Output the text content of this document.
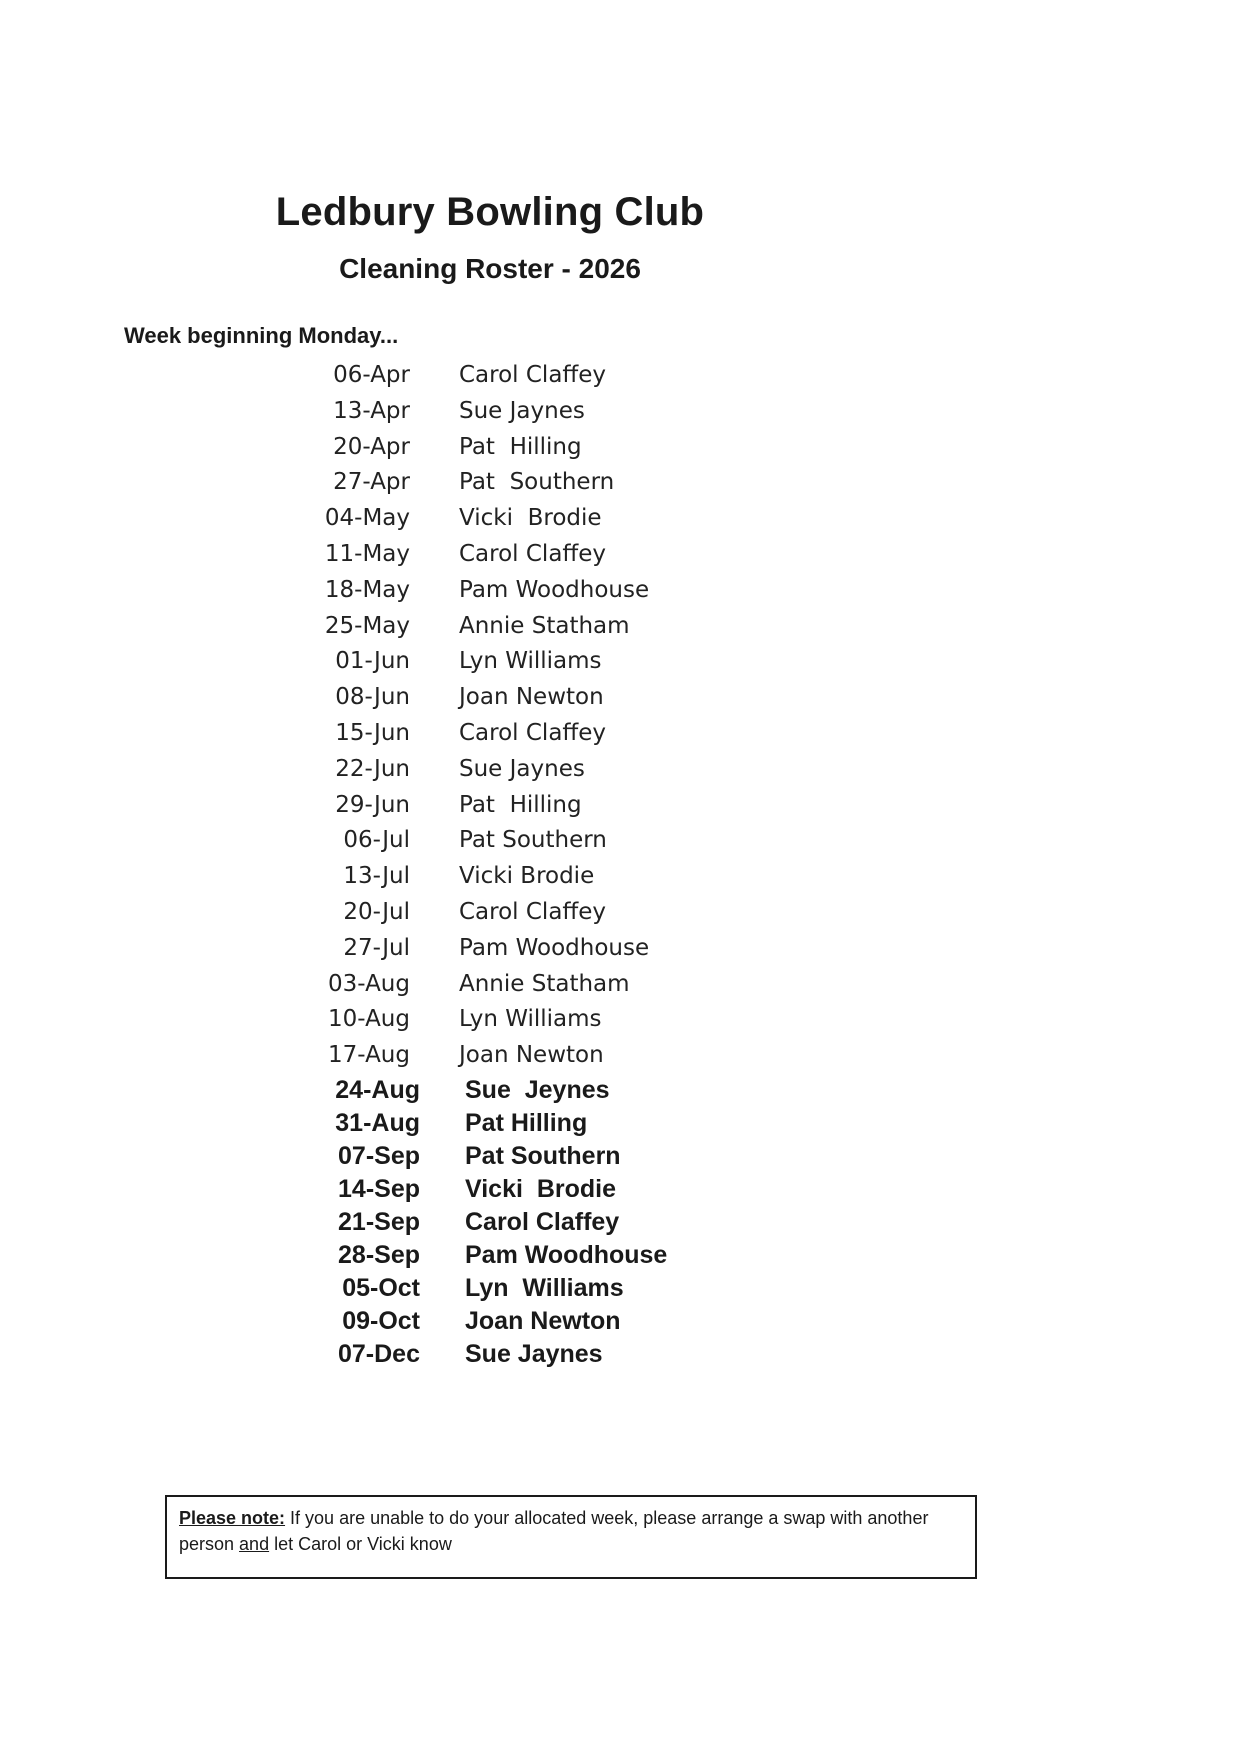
Ledbury Bowling Club
Cleaning Roster - 2026

Week beginning Monday...

06-Apr Carol Claffey
13-Apr Sue Jaynes
20-Apr Pat  Hilling
27-Apr Pat  Southern
04-May Vicki  Brodie
11-May Carol Claffey
18-May Pam Woodhouse
25-May Annie Statham
01-Jun Lyn Williams
08-Jun Joan Newton
15-Jun Carol Claffey
22-Jun Sue Jaynes
29-Jun Pat  Hilling
06-Jul Pat Southern
13-Jul Vicki Brodie
20-Jul Carol Claffey
27-Jul Pam Woodhouse
03-Aug Annie Statham
10-Aug Lyn Williams
17-Aug Joan Newton
24-Aug Sue  Jeynes
31-Aug Pat Hilling
07-Sep Pat Southern
14-Sep Vicki  Brodie
21-Sep Carol Claffey
28-Sep Pam Woodhouse
05-Oct Lyn  Williams
09-Oct Joan Newton
07-Dec Sue Jaynes
Please note: If you are unable to do your allocated week, please arrange a swap with another person and let Carol or Vicki know
